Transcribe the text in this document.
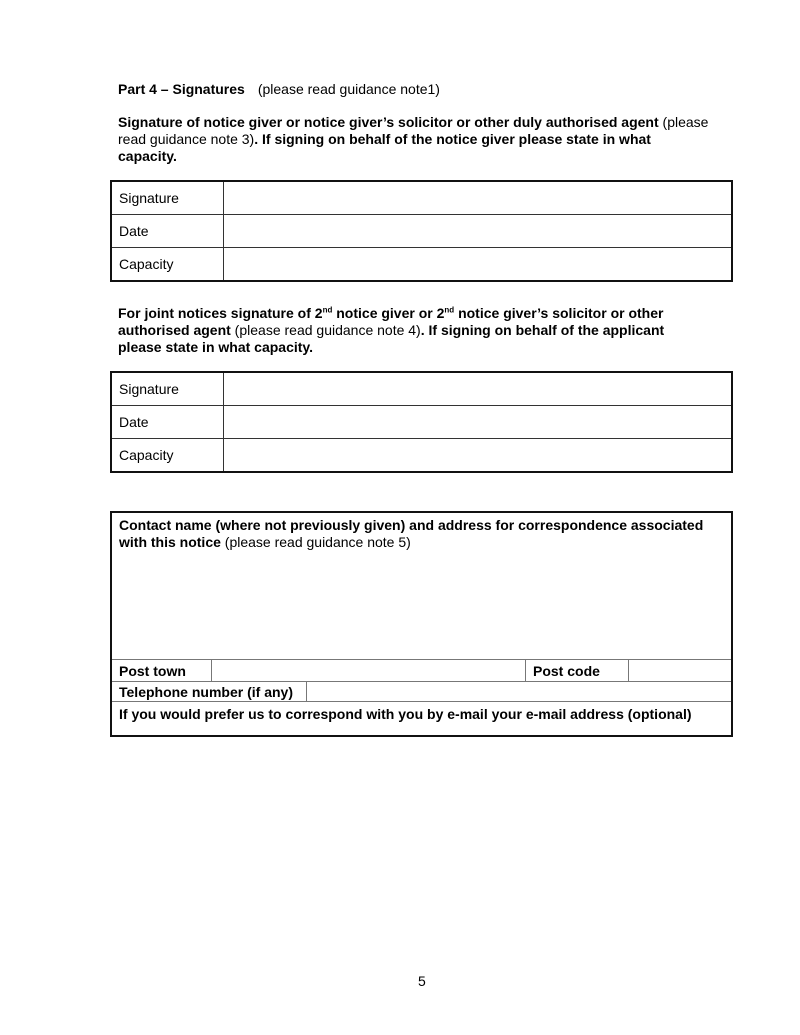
Part 4 – Signatures (please read guidance note1)
Signature of notice giver or notice giver’s solicitor or other duly authorised agent (please
read guidance note 3). If signing on behalf of the notice giver please state in what
capacity.
Signature	
Date	
Capacity	
For joint notices signature of 2nd notice giver or 2nd notice giver’s solicitor or other
authorised agent (please read guidance note 4). If signing on behalf of the applicant
please state in what capacity.
Signature	
Date	
Capacity	
Contact name (where not previously given) and address for correspondence associated
with this notice (please read guidance note 5)
Post town	Post code
Telephone number (if any)
If you would prefer us to correspond with you by e-mail your e-mail address (optional)
5
